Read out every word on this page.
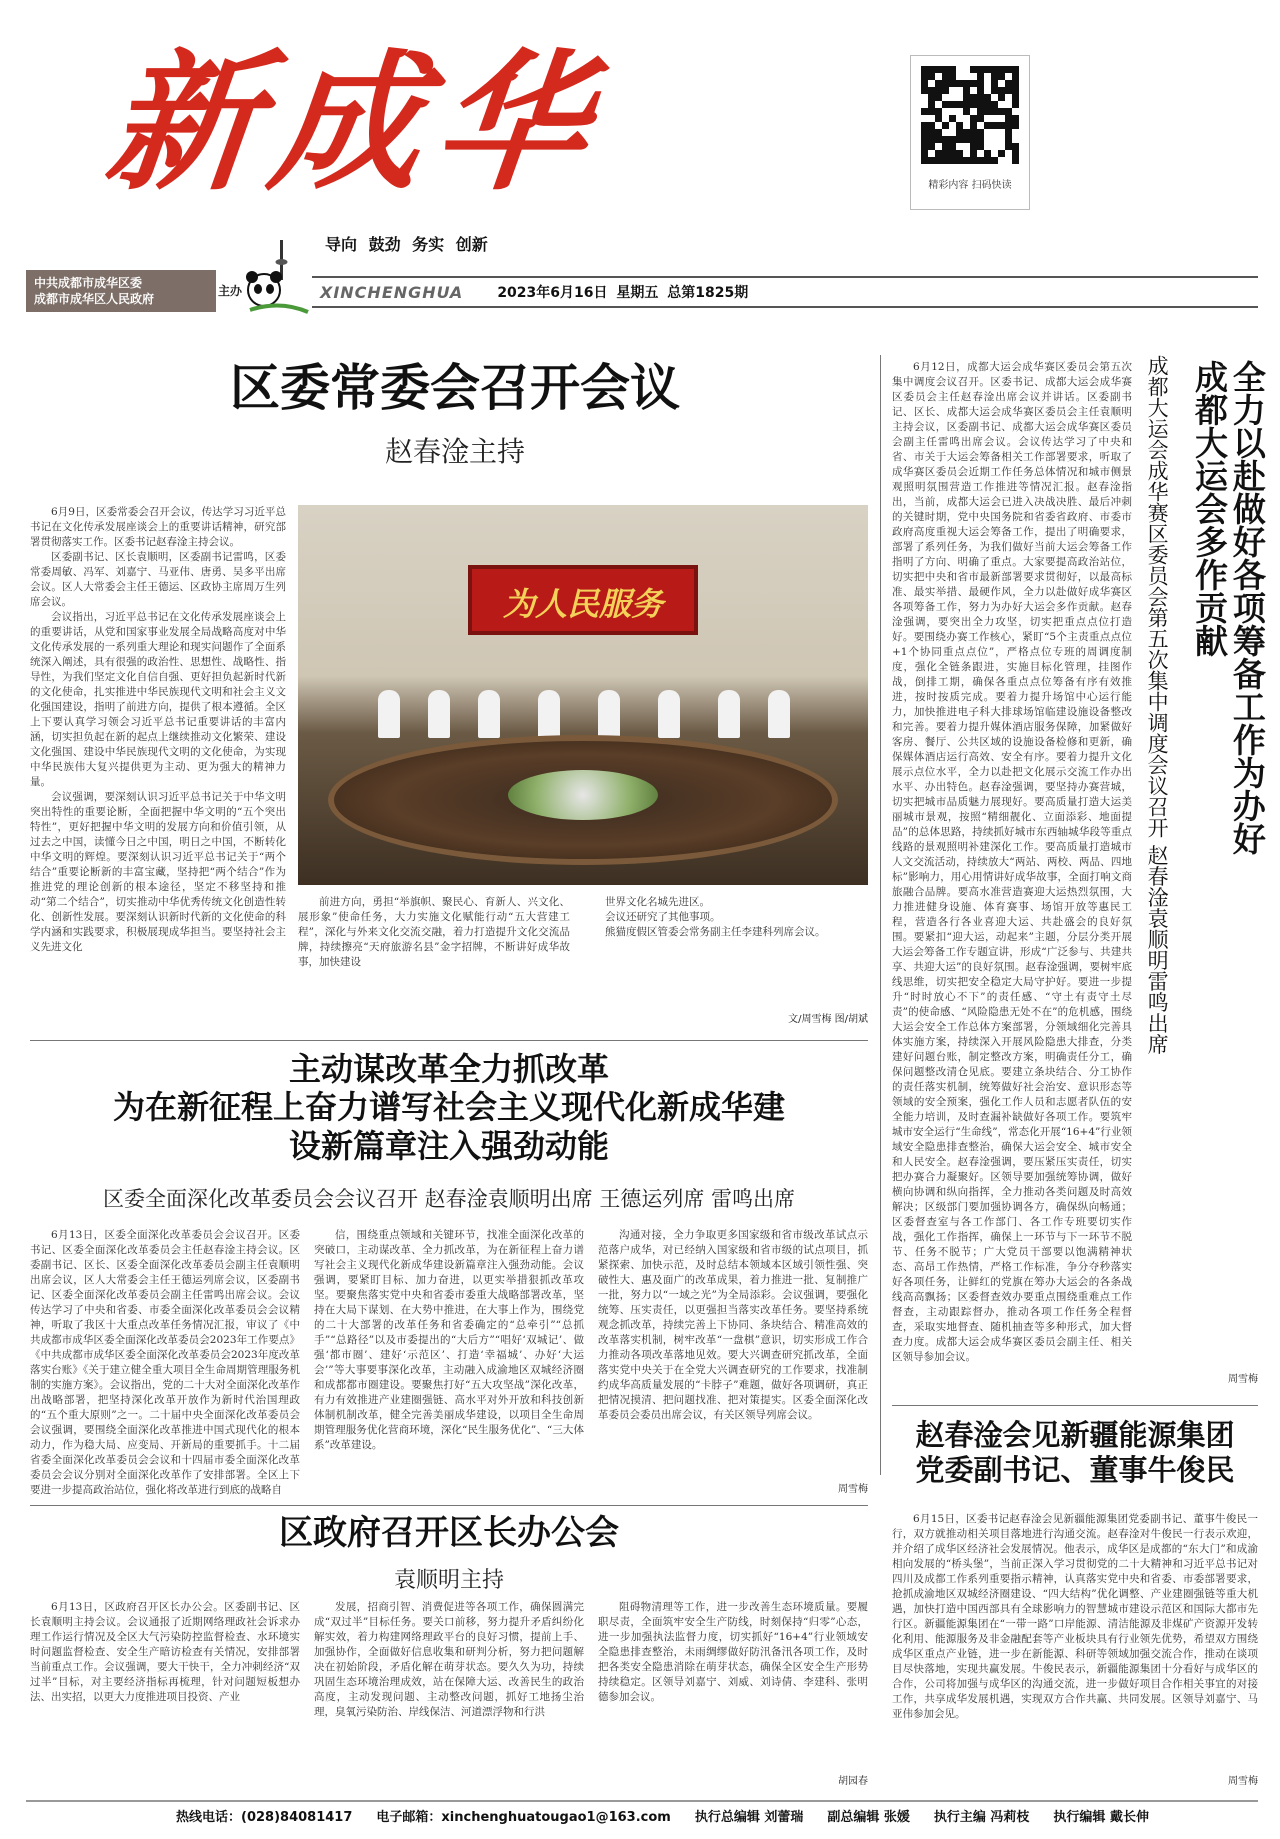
新成华
导向 鼓劲 务实 创新
精彩内容 扫码快读
中共成都市成华区委
成都市成华区人民政府
主办	XINCHENGHUA 2023年6月16日 星期五 总第1825期
区委常委会召开会议
赵春淦主持

6月9日，区委常委会召开会议，传达学习习近平总书记在文化传承发展座谈会上的重要讲话精神，研究部署贯彻落实工作。区委书记赵春淦主持会议。

区委副书记、区长袁顺明，区委副书记雷鸣，区委常委周敏、冯军、刘嘉宁、马亚伟、唐勇、吴多平出席会议。区人大常委会主任王德运、区政协主席周万生列席会议。

会议指出，习近平总书记在文化传承发展座谈会上的重要讲话，从党和国家事业发展全局战略高度对中华文化传承发展的一系列重大理论和现实问题作了全面系统深入阐述，具有很强的政治性、思想性、战略性、指导性，为我们坚定文化自信自强、更好担负起新时代新的文化使命，扎实推进中华民族现代文明和社会主义文化强国建设，指明了前进方向，提供了根本遵循。全区上下要认真学习领会习近平总书记重要讲话的丰富内涵，切实担负起在新的起点上继续推动文化繁荣、建设文化强国、建设中华民族现代文明的文化使命，为实现中华民族伟大复兴提供更为主动、更为强大的精神力量。

会议强调，要深刻认识习近平总书记关于中华文明突出特性的重要论断，全面把握中华文明的“五个突出特性”，更好把握中华文明的发展方向和价值引领，从过去之中国，读懂今日之中国，明日之中国，不断转化中华文明的辉煌。要深刻认识习近平总书记关于“两个结合”重要论断新的丰富宝藏，坚持把“两个结合”作为推进党的理论创新的根本途径，坚定不移坚持和推动“第二个结合”，切实推动中华优秀传统文化创造性转化、创新性发展。要深刻认识新时代新的文化使命的科学内涵和实践要求，积极展现成华担当。要坚持社会主义先进文化

为人民服务

前进方向，勇担“举旗帜、聚民心、育新人、兴文化、展形象”使命任务，大力实施文化赋能行动“五大营建工程”，深化与外来文化交流交融，着力打造提升文化交流品牌，持续擦亮“天府旅游名县”金字招牌，不断讲好成华故事，加快建设

世界文化名城先进区。

会议还研究了其他事项。

熊猫度假区管委会常务副主任李建科列席会议。

文/周雪梅 图/胡斌
主动谋改革全力抓改革
为在新征程上奋力谱写社会主义现代化新成华建
设新篇章注入强劲动能
区委全面深化改革委员会会议召开 赵春淦袁顺明出席 王德运列席 雷鸣出席

6月13日，区委全面深化改革委员会会议召开。区委书记、区委全面深化改革委员会主任赵春淦主持会议。区委副书记、区长、区委全面深化改革委员会副主任袁顺明出席会议，区人大常委会主任王德运列席会议，区委副书记、区委全面深化改革委员会副主任雷鸣出席会议。会议传达学习了中央和省委、市委全面深化改革委员会会议精神，听取了我区十大重点改革任务情况汇报，审议了《中共成都市成华区委全面深化改革委员会2023年工作要点》《中共成都市成华区委全面深化改革委员会2023年度改革落实台账》《关于建立健全重大项目全生命周期管理服务机制的实施方案》。会议指出，党的二十大对全面深化改革作出战略部署，把坚持深化改革开放作为新时代治国理政的“五个重大原则”之一。二十届中央全面深化改革委员会会议强调，要围绕全面深化改革推进中国式现代化的根本动力，作为稳大局、应变局、开新局的重要抓手。十二届省委全面深化改革委员会会议和十四届市委全面深化改革委员会会议分别对全面深化改革作了安排部署。全区上下要进一步提高政治站位，强化将改革进行到底的战略自

信，围绕重点领域和关键环节，找准全面深化改革的突破口，主动谋改革、全力抓改革，为在新征程上奋力谱写社会主义现代化新成华建设新篇章注入强劲动能。会议强调，要紧盯目标、加力奋进，以更实举措狠抓改革攻坚。要聚焦落实党中央和省委市委重大战略部署改革，坚持在大局下谋划、在大势中推进，在大事上作为，围绕党的二十大部署的改革任务和省委确定的“总牵引”“总抓手”“总路径”以及市委提出的“大后方”“唱好‘双城记’、做强‘都市圈’、建好‘示范区’、打造‘幸福城’、办好‘大运会’”等大事要事深化改革，主动融入成渝地区双城经济圈和成都都市圈建设。要聚焦打好“五大攻坚战”深化改革，有力有效推进产业建圈强链、高水平对外开放和科技创新体制机制改革，健全完善美丽成华建设，以项目全生命周期管理服务优化营商环境，深化“民生服务优化”、“三大体系”改革建设。

沟通对接，全力争取更多国家级和省市级改革试点示范落户成华，对已经纳入国家级和省市级的试点项目，抓紧探索、加快示范，及时总结本领域本区域引领性强、突破性大、惠及面广的改革成果，着力推进一批、复制推广一批，努力以“一域之光”为全局添彩。会议强调，要强化统筹、压实责任，以更强担当落实改革任务。要坚持系统观念抓改革，持续完善上下协同、条块结合、精准高效的改革落实机制，树牢改革“一盘棋”意识，切实形成工作合力推动各项改革落地见效。要大兴调查研究抓改革，全面落实党中央关于在全党大兴调查研究的工作要求，找准制约成华高质量发展的“卡脖子”难题，做好各项调研，真正把情况摸清、把问题找准、把对策提实。区委全面深化改革委员会委员出席会议，有关区领导列席会议。

周雪梅
区政府召开区长办公会
袁顺明主持

6月13日，区政府召开区长办公会。区委副书记、区长袁顺明主持会议。会议通报了近期网络理政社会诉求办理工作运行情况及全区大气污染防控监督检查、水环境实时问题监督检查、安全生产暗访检查有关情况，安排部署当前重点工作。会议强调，要大干快干，全力冲刺经济“双过半”目标，对主要经济指标再梳理，针对问题短板想办法、出实招，以更大力度推进项目投资、产业

发展，招商引智、消费促进等各项工作，确保圆满完成“双过半”目标任务。要关口前移，努力提升矛盾纠纷化解实效，着力构建网络理政平台的良好习惯，提前上手、加强协作，全面做好信息收集和研判分析，努力把问题解决在初始阶段，矛盾化解在萌芽状态。要久久为功，持续巩固生态环境治理成效，站在保障大运、改善民生的政治高度，主动发现问题、主动整改问题，抓好工地扬尘治理，臭氧污染防治、岸线保洁、河道漂浮物和行洪

阻碍物清理等工作，进一步改善生态环境质量。要履职尽责，全面筑牢安全生产防线，时刻保持“归零”心态，进一步加强执法监督力度，切实抓好“16+4”行业领域安全隐患排查整治，未雨绸缪做好防汛备汛各项工作，及时把各类安全隐患消除在萌芽状态，确保全区安全生产形势持续稳定。区领导刘嘉宁、刘威、刘诗倩、李建科、张明德参加会议。

胡园春
全力以赴做好各项筹备工作为办好成都大运会多作贡献
成都大运会成华赛区委员会第五次集中调度会议召开 赵春淦袁顺明雷鸣出席

6月12日，成都大运会成华赛区委员会第五次集中调度会议召开。区委书记、成都大运会成华赛区委员会主任赵春淦出席会议并讲话。区委副书记、区长、成都大运会成华赛区委员会主任袁顺明主持会议，区委副书记、成都大运会成华赛区委员会副主任雷鸣出席会议。会议传达学习了中央和省、市关于大运会筹备相关工作部署要求，听取了成华赛区委员会近期工作任务总体情况和城市侧景观照明氛围营造工作推进等情况汇报。赵春淦指出，当前，成都大运会已进入决战决胜、最后冲刺的关键时期，党中央国务院和省委省政府、市委市政府高度重视大运会筹备工作，提出了明确要求，部署了系列任务，为我们做好当前大运会筹备工作指明了方向、明确了重点。大家要提高政治站位，切实把中央和省市最新部署要求贯彻好，以最高标准、最实举措、最硬作风，全力以赴做好成华赛区各项筹备工作，努力为办好大运会多作贡献。赵春淦强调，要突出全力攻坚，切实把重点点位打造好。要围绕办赛工作核心，紧盯“5个主责重点点位+1个协同重点点位”，严格点位专班的周调度制度，强化全链条跟进，实施目标化管理，挂图作战，倒排工期，确保各重点点位筹备有序有效推进，按时按质完成。要着力提升场馆中心运行能力，加快推进电子科大排球场馆临建设施设备整改和完善。要着力提升媒体酒店服务保障，加紧做好客房、餐厅、公共区域的设施设备检修和更新，确保媒体酒店运行高效、安全有序。要着力提升文化展示点位水平，全力以赴把文化展示交流工作办出水平、办出特色。赵春淦强调，要坚持办赛营城，切实把城市品质魅力展现好。要高质量打造大运美丽城市景观，按照“精细靓化、立面添彩、地面提品”的总体思路，持续抓好城市东西轴城华段等重点线路的景观照明补建深化工作。要高质量打造城市人文交流活动，持续放大“两站、两校、两品、四地标”影响力，用心用情讲好成华故事，全面打响文商旅融合品牌。要高水准营造赛迎大运热烈氛围，大力推进健身设施、体育赛事、场馆开放等惠民工程，营造各行各业喜迎大运、共赴盛会的良好氛围。要紧扣“迎大运，动起来”主题，分层分类开展大运会筹备工作专题宣讲，形成“广泛参与、共建共享、共迎大运”的良好氛围。赵春淦强调，要树牢底线思维，切实把安全稳定大局守护好。要进一步提升“时时放心不下”的责任感、“守土有责守土尽责”的使命感、“风险隐患无处不在”的危机感，围绕大运会安全工作总体方案部署，分领域细化完善具体实施方案，持续深入开展风险隐患大排查，分类建好问题台账，制定整改方案，明确责任分工，确保问题整改清仓见底。要建立条块结合、分工协作的责任落实机制，统筹做好社会治安、意识形态等领域的安全预案，强化工作人员和志愿者队伍的安全能力培训，及时查漏补缺做好各项工作。要筑牢城市安全运行“生命线”，常态化开展“16+4”行业领域安全隐患排查整治，确保大运会安全、城市安全和人民安全。赵春淦强调，要压紧压实责任，切实把办赛合力凝聚好。区领导要加强统筹协调，做好横向协调和纵向指挥，全力推动各类问题及时高效解决；区级部门要加强协调各方，确保纵向畅通；区委督查室与各工作部门、各工作专班要切实作战，强化工作指挥，确保上一环节与下一环节不脱节、任务不脱节；广大党员干部要以饱满精神状态、高昂工作热情，严格工作标准，争分夺秒落实好各项任务，让鲜红的党旗在筹办大运会的各条战线高高飘扬；区委督查效办要重点围绕重难点工作督查，主动跟踪督办，推动各项工作任务全程督查，采取实地督查、随机抽查等多种形式，加大督查力度。成都大运会成华赛区委员会副主任、相关区领导参加会议。

周雪梅
赵春淦会见新疆能源集团
党委副书记、董事牛俊民

6月15日，区委书记赵春淦会见新疆能源集团党委副书记、董事牛俊民一行，双方就推动相关项目落地进行沟通交流。赵春淦对牛俊民一行表示欢迎，并介绍了成华区经济社会发展情况。他表示，成华区是成都的“东大门”和成渝相向发展的“桥头堡”，当前正深入学习贯彻党的二十大精神和习近平总书记对四川及成都工作系列重要指示精神，认真落实党中央和省委、市委部署要求，抢抓成渝地区双城经济圈建设、“四大结构”优化调整、产业建圈强链等重大机遇，加快打造中国西部具有全球影响力的智慧城市建设示范区和国际大都市先行区。新疆能源集团在“一带一路”口岸能源、清洁能源及非煤矿产资源开发转化利用、能源服务及非金融配套等产业板块具有行业领先优势，希望双方围绕成华区重点产业链，进一步在新能源、科研等领域加强交流合作，推动在谈项目尽快落地，实现共赢发展。牛俊民表示，新疆能源集团十分看好与成华区的合作，公司将加强与成华区的沟通交流，进一步做好项目合作相关事宜的对接工作，共享成华发展机遇，实现双方合作共赢、共同发展。区领导刘嘉宁、马亚伟参加会见。

周雪梅
热线电话：(028)84081417 电子邮箱：xinchenghuatougao1@163.com 执行总编辑 刘蕾瑞 副总编辑 张媛 执行主编 冯莉枝 执行编辑 戴长伸
